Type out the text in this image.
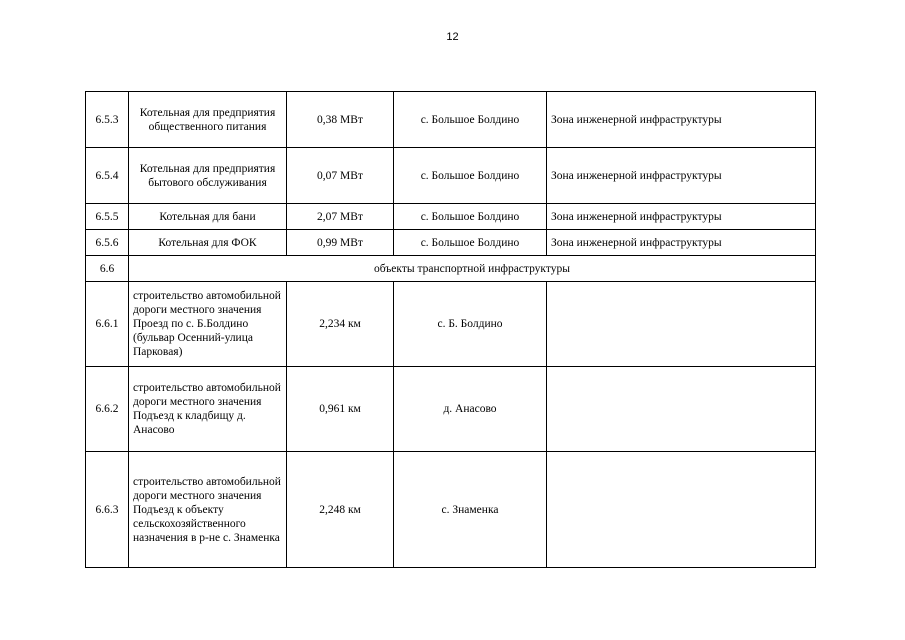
12
6.5.3	Котельная для предприятия общественного питания	0,38 МВт	с. Большое Болдино	Зона инженерной инфраструктуры
6.5.4	Котельная для предприятия бытового обслуживания	0,07 МВт	с. Большое Болдино	Зона инженерной инфраструктуры
6.5.5	Котельная для бани	2,07 МВт	с. Большое Болдино	Зона инженерной инфраструктуры
6.5.6	Котельная для ФОК	0,99 МВт	с. Большое Болдино	Зона инженерной инфраструктуры
6.6	объекты транспортной инфраструктуры			
6.6.1	строительство автомобильной дороги местного значения Проезд по с. Б.Болдино (бульвар Осенний-улица Парковая)	2,234 км	с. Б. Болдино	
6.6.2	строительство автомобильной дороги местного значения Подъезд к кладбищу д. Анасово	0,961 км	д. Анасово	
6.6.3	строительство автомобильной дороги местного значения Подъезд к объекту сельскохозяйственного назначения в р-не с. Знаменка	2,248 км	с. Знаменка	
